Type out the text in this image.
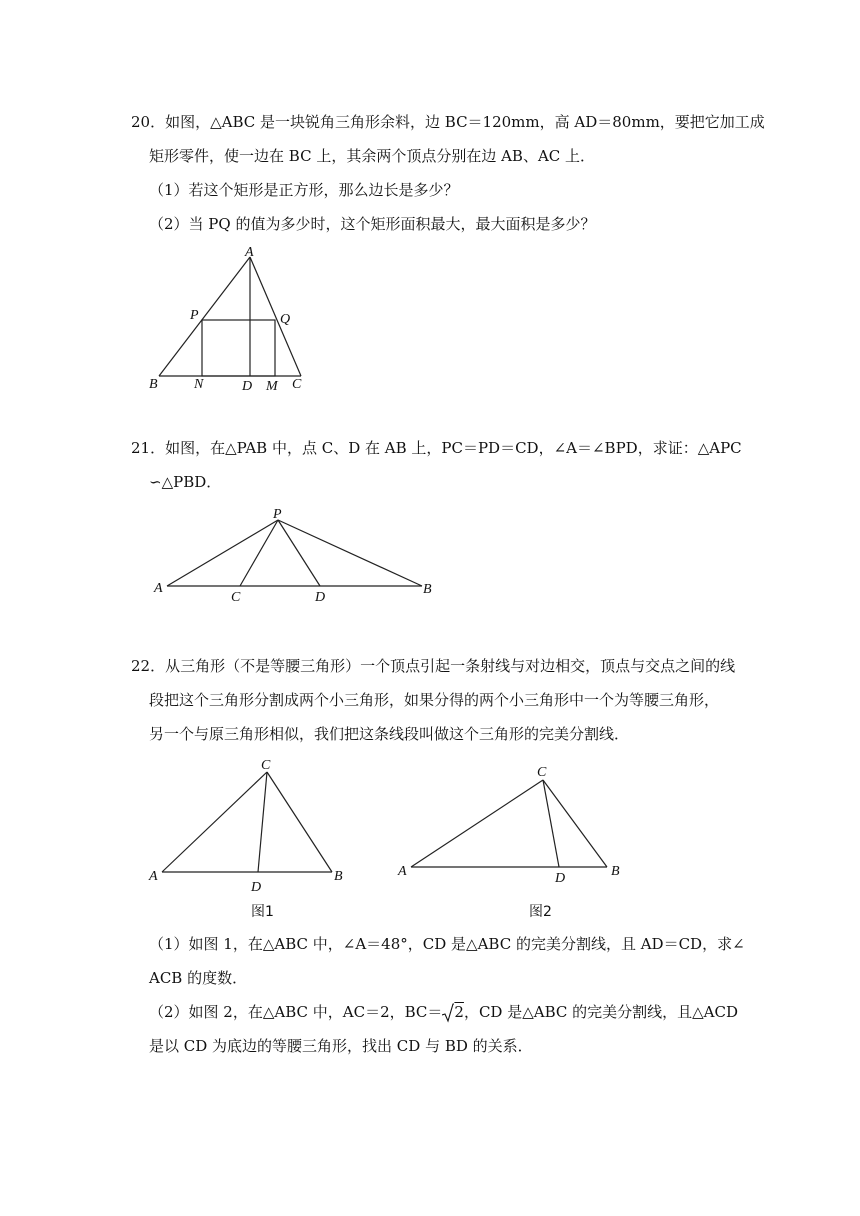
20．如图，△ABC 是一块锐角三角形余料，边 BC＝120mm，高 AD＝80mm，要把它加工成
矩形零件，使一边在 BC 上，其余两个顶点分别在边 AB、AC 上．
（1）若这个矩形是正方形，那么边长是多少？
（2）当 PQ 的值为多少时，这个矩形面积最大，最大面积是多少？
A
P	Q
B	N	D M C
21．如图，在△PAB 中，点 C、D 在 AB 上，PC＝PD＝CD，∠A＝∠BPD，求证：△APC
∽△PBD．
P
A
C	D
B
22．从三角形（不是等腰三角形）一个顶点引起一条射线与对边相交，顶点与交点之间的线
段把这个三角形分割成两个小三角形，如果分得的两个小三角形中一个为等腰三角形，
另一个与原三角形相似，我们把这条线段叫做这个三角形的完美分割线．
C
A
D
B
图1
C
A	D	B
图2
（1）如图 1，在△ABC 中，∠A＝48°，CD 是△ABC 的完美分割线，且 AD＝CD，求∠
ACB 的度数．
（2）如图 2，在△ABC 中，AC＝2，BC＝ 2，CD 是△ABC 的完美分割线，且△ACD
是以 CD 为底边的等腰三角形，找出 CD 与 BD 的关系．
